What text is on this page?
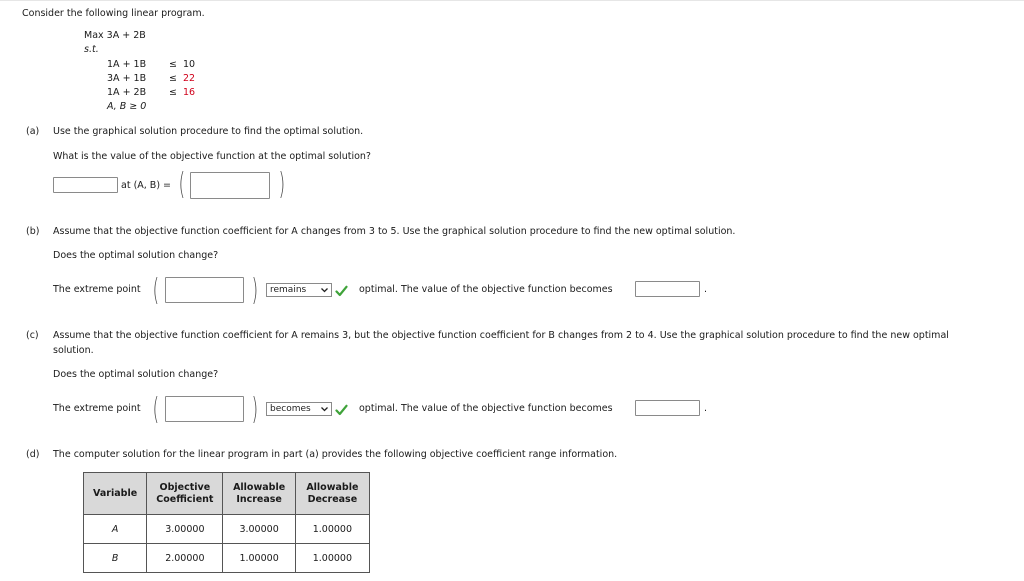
Consider the following linear program.
Max 3A + 2B
s.t.
1A + 1B ≤ 10
3A + 1B ≤ 22
1A + 2B ≤ 16
A, B ≥ 0
(a) Use the graphical solution procedure to find the optimal solution.
What is the value of the objective function at the optimal solution?
at (A, B) = (	)
(b) Assume that the objective function coefficient for A changes from 3 to 5. Use the graphical solution procedure to find the new optimal solution.
Does the optimal solution change?
The extreme point (	)	remains	optimal. The value of the objective function becomes	.
(c) Assume that the objective function coefficient for A remains 3, but the objective function coefficient for B changes from 2 to 4. Use the graphical solution procedure to find the new optimal
solution.
Does the optimal solution change?
The extreme point (	)	becomes	optimal. The value of the objective function becomes	.
(d) The computer solution for the linear program in part (a) provides the following objective coefficient range information.
Variable	Objective Coefficient	Allowable Increase	Allowable Decrease
A	3.00000	3.00000	1.00000
B	2.00000	1.00000	1.00000
